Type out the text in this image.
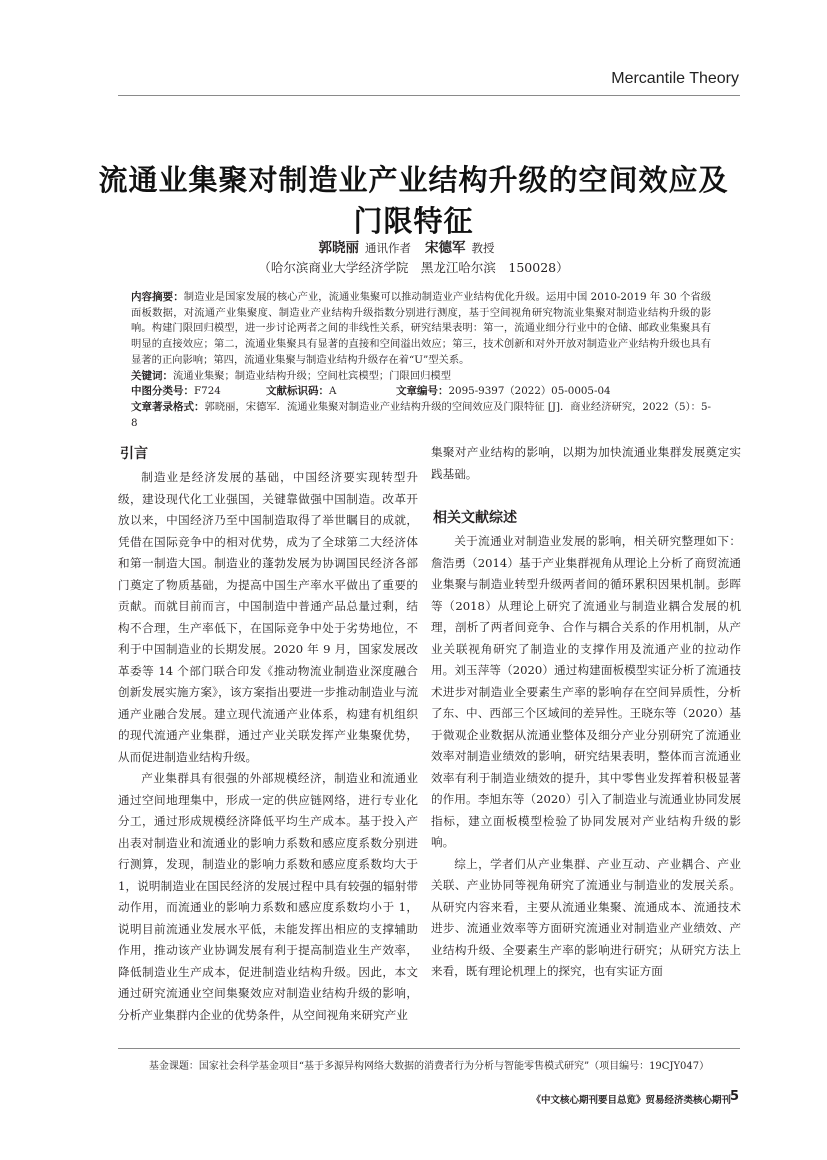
Mercantile Theory
流通业集聚对制造业产业结构升级的空间效应及门限特征
郭晓丽 通讯作者 宋德军 教授
（哈尔滨商业大学经济学院　黑龙江哈尔滨　150028）
内容摘要：制造业是国家发展的核心产业，流通业集聚可以推动制造业产业结构优化升级。运用中国 2010-2019 年 30 个省级面板数据，对流通产业集聚度、制造业产业结构升级指数分别进行测度，基于空间视角研究物流业集聚对制造业结构升级的影响。构建门限回归模型，进一步讨论两者之间的非线性关系，研究结果表明：第一，流通业细分行业中的仓储、邮政业集聚具有明显的直接效应；第二，流通业集聚具有显著的直接和空间溢出效应；第三，技术创新和对外开放对制造业产业结构升级也具有显著的正向影响；第四，流通业集聚与制造业结构升级存在着“U”型关系。
关键词：流通业集聚；制造业结构升级；空间杜宾模型；门限回归模型
中图分类号：F724	文献标识码：A	文章编号：2095-9397（2022）05-0005-04
文章著录格式：郭晓丽，宋德军．流通业集聚对制造业产业结构升级的空间效应及门限特征 [J]．商业经济研究，2022（5）：5-8
引言

制造业是经济发展的基础，中国经济要实现转型升级，建设现代化工业强国，关键靠做强中国制造。改革开放以来，中国经济乃至中国制造取得了举世瞩目的成就，凭借在国际竞争中的相对优势，成为了全球第二大经济体和第一制造大国。制造业的蓬勃发展为协调国民经济各部门奠定了物质基础，为提高中国生产率水平做出了重要的贡献。而就目前而言，中国制造中普通产品总量过剩，结构不合理，生产率低下，在国际竞争中处于劣势地位，不利于中国制造业的长期发展。2020 年 9 月，国家发展改革委等 14 个部门联合印发《推动物流业制造业深度融合创新发展实施方案》，该方案指出要进一步推动制造业与流通产业融合发展。建立现代流通产业体系，构建有机组织的现代流通产业集群，通过产业关联发挥产业集聚优势，从而促进制造业结构升级。

产业集群具有很强的外部规模经济，制造业和流通业通过空间地理集中，形成一定的供应链网络，进行专业化分工，通过形成规模经济降低平均生产成本。基于投入产出表对制造业和流通业的影响力系数和感应度系数分别进行测算，发现，制造业的影响力系数和感应度系数均大于 1，说明制造业在国民经济的发展过程中具有较强的辐射带动作用，而流通业的影响力系数和感应度系数均小于 1，说明目前流通业发展水平低，未能发挥出相应的支撑辅助作用，推动该产业协调发展有利于提高制造业生产效率，降低制造业生产成本，促进制造业结构升级。因此，本文通过研究流通业空间集聚效应对制造业结构升级的影响，分析产业集群内企业的优势条件，从空间视角来研究产业

集聚对产业结构的影响，以期为加快流通业集群发展奠定实践基础。

相关文献综述

关于流通业对制造业发展的影响，相关研究整理如下：詹浩勇（2014）基于产业集群视角从理论上分析了商贸流通业集聚与制造业转型升级两者间的循环累积因果机制。彭晖等（2018）从理论上研究了流通业与制造业耦合发展的机理，剖析了两者间竞争、合作与耦合关系的作用机制，从产业关联视角研究了制造业的支撑作用及流通产业的拉动作用。刘玉萍等（2020）通过构建面板模型实证分析了流通技术进步对制造业全要素生产率的影响存在空间异质性，分析了东、中、西部三个区域间的差异性。王晓东等（2020）基于微观企业数据从流通业整体及细分产业分别研究了流通业效率对制造业绩效的影响，研究结果表明，整体而言流通业效率有利于制造业绩效的提升，其中零售业发挥着积极显著的作用。李旭东等（2020）引入了制造业与流通业协同发展指标，建立面板模型检验了协同发展对产业结构升级的影响。

综上，学者们从产业集群、产业互动、产业耦合、产业关联、产业协同等视角研究了流通业与制造业的发展关系。从研究内容来看，主要从流通业集聚、流通成本、流通技术进步、流通业效率等方面研究流通业对制造业产业绩效、产业结构升级、全要素生产率的影响进行研究；从研究方法上来看，既有理论机理上的探究，也有实证方面

基金课题：国家社会科学基金项目“基于多源异构网络大数据的消费者行为分析与智能零售模式研究”（项目编号：19CJY047）
《中文核心期刊要目总览》贸易经济类核心期刊
5
